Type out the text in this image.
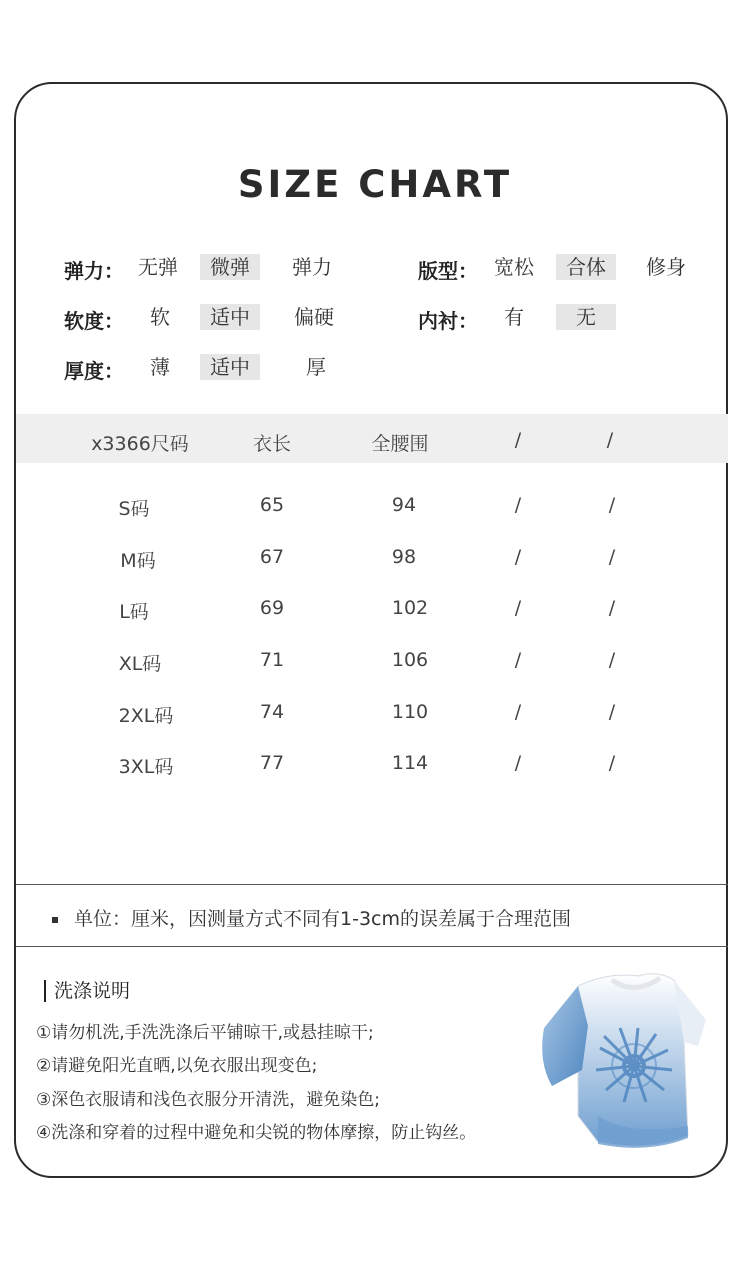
SIZE CHART
弹力： 无弹	微弹	弹力	版型： 宽松	合体	修身
软度：	软	适中	偏硬	内衬：	有	无
厚度：	薄	适中	厚
x3366尺码	衣长	全腰围	/	/
S码	65	94	/	/
M码	67	98	/	/
L码	69	102	/	/
XL码	71	106	/	/
2XL码	74	110	/	/
3XL码	77	114	/	/
单位：厘米，因测量方式不同有1-3cm的误差属于合理范围
洗涤说明
①请勿机洗,手洗洗涤后平铺晾干,或悬挂晾干;
②请避免阳光直晒,以免衣服出现变色;
③深色衣服请和浅色衣服分开清洗，避免染色;
④洗涤和穿着的过程中避免和尖锐的物体摩擦，防止钩丝。
